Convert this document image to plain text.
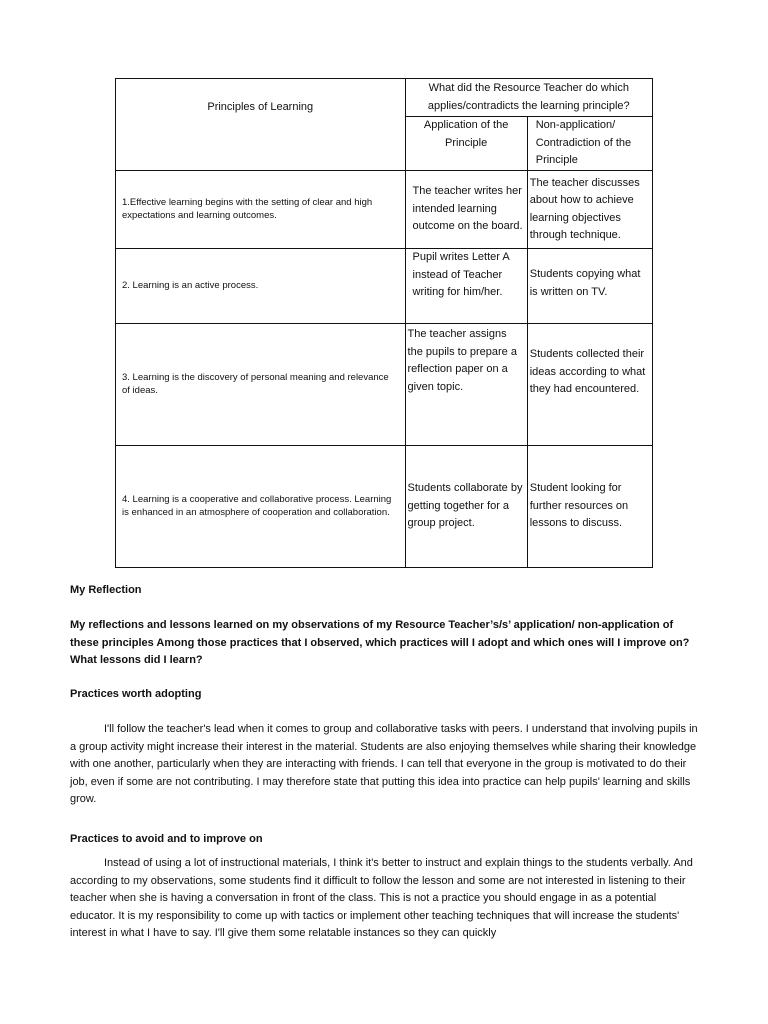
Principles of Learning	What did the Resource Teacher do which applies/contradicts the learning principle?	
	Application of the Principle	Non-application/ Contradiction of the Principle
1.Effective learning begins with the setting of clear and high expectations and learning outcomes.	The teacher writes her intended learning outcome on the board.	The teacher discusses about how to achieve learning objectives through technique.
2. Learning is an active process.	Pupil writes Letter A instead of Teacher writing for him/her.	Students copying what is written on TV.
3. Learning is the discovery of personal meaning and relevance of ideas.	The teacher assigns the pupils to prepare a reflection paper on a given topic.	Students collected their ideas according to what they had encountered.
4. Learning is a cooperative and collaborative process. Learning is enhanced in an atmosphere of cooperation and collaboration.	Students collaborate by getting together for a group project.	Student looking for further resources on lessons to discuss.
My Reflection
My reflections and lessons learned on my observations of my Resource Teacher’s/s’ application/ non-application of these principles Among those practices that I observed, which practices will I adopt and which ones will I improve on? What lessons did I learn?
Practices worth adopting

I'll follow the teacher's lead when it comes to group and collaborative tasks with peers. I understand that involving pupils in a group activity might increase their interest in the material. Students are also enjoying themselves while sharing their knowledge with one another, particularly when they are interacting with friends. I can tell that everyone in the group is motivated to do their job, even if some are not contributing. I may therefore state that putting this idea into practice can help pupils' learning and skills grow.

Practices to avoid and to improve on

Instead of using a lot of instructional materials, I think it's better to instruct and explain things to the students verbally. And according to my observations, some students find it difficult to follow the lesson and some are not interested in listening to their teacher when she is having a conversation in front of the class. This is not a practice you should engage in as a potential educator. It is my responsibility to come up with tactics or implement other teaching techniques that will increase the students' interest in what I have to say. I'll give them some relatable instances so they can quickly
